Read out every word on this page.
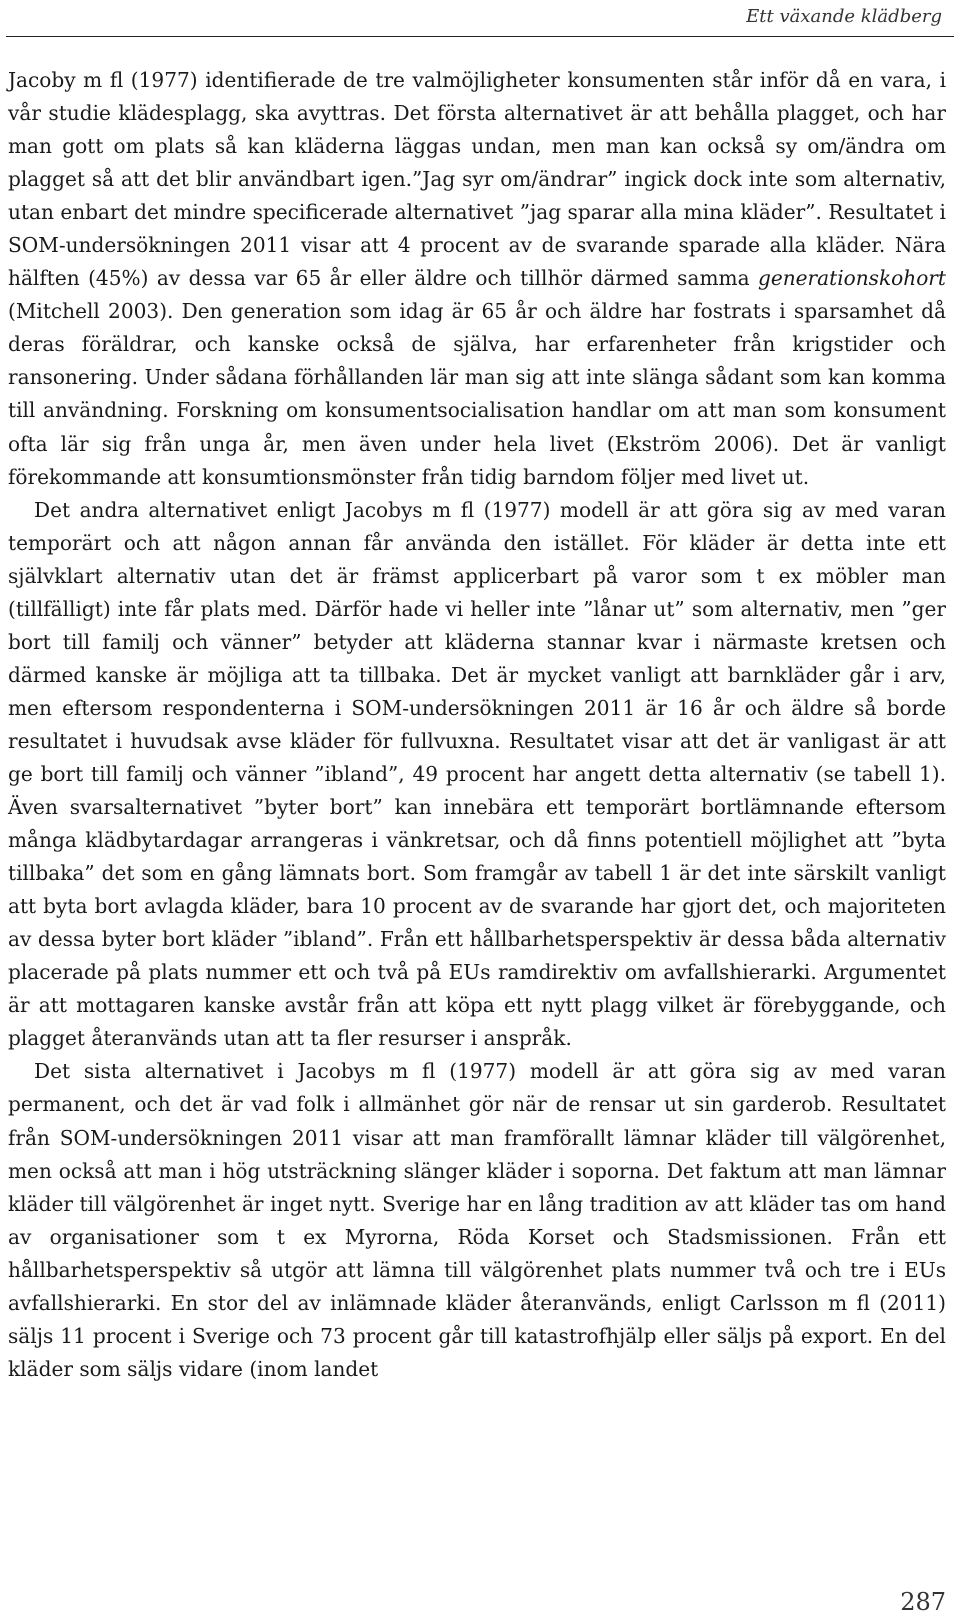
Ett växande klädberg

Jacoby m fl (1977) identifierade de tre valmöjligheter konsumenten står inför då en vara, i vår studie klädesplagg, ska avyttras. Det första alternativet är att behålla plagget, och har man gott om plats så kan kläderna läggas undan, men man kan också sy om/ändra om plagget så att det blir användbart igen.”Jag syr om/ändrar” ingick dock inte som alternativ, utan enbart det mindre specificerade alternativet ”jag sparar alla mina kläder”. Resultatet i SOM-undersökningen 2011 visar att 4 procent av de svarande sparade alla kläder. Nära hälften (45%) av dessa var 65 år eller äldre och tillhör därmed samma generationskohort (Mitchell 2003). Den generation som idag är 65 år och äldre har fostrats i sparsamhet då deras föräldrar, och kanske också de själva, har erfarenheter från krigstider och ransonering. Under sådana förhållanden lär man sig att inte slänga sådant som kan komma till användning. Forskning om konsumentsocialisation handlar om att man som konsument ofta lär sig från unga år, men även under hela livet (Ekström 2006). Det är vanligt förekommande att konsumtionsmönster från tidig barndom följer med livet ut.

Det andra alternativet enligt Jacobys m fl (1977) modell är att göra sig av med varan temporärt och att någon annan får använda den istället. För kläder är detta inte ett självklart alternativ utan det är främst applicerbart på varor som t ex möbler man (tillfälligt) inte får plats med. Därför hade vi heller inte ”lånar ut” som alternativ, men ”ger bort till familj och vänner” betyder att kläderna stannar kvar i närmaste kretsen och därmed kanske är möjliga att ta tillbaka. Det är mycket vanligt att barnkläder går i arv, men eftersom respondenterna i SOM-undersökningen 2011 är 16 år och äldre så borde resultatet i huvudsak avse kläder för fullvuxna. Resultatet visar att det är vanligast är att ge bort till familj och vänner ”ibland”, 49 procent har angett detta alternativ (se tabell 1). Även svarsalternativet ”byter bort” kan innebära ett temporärt bortlämnande eftersom många klädbytardagar arrangeras i vänkretsar, och då finns potentiell möjlighet att ”byta tillbaka” det som en gång lämnats bort. Som framgår av tabell 1 är det inte särskilt vanligt att byta bort avlagda kläder, bara 10 procent av de svarande har gjort det, och majoriteten av dessa byter bort kläder ”ibland”. Från ett hållbarhetsperspektiv är dessa båda alternativ placerade på plats nummer ett och två på EUs ramdirektiv om avfallshierarki. Argumentet är att mottagaren kanske avstår från att köpa ett nytt plagg vilket är förebyggande, och plagget återanvänds utan att ta fler resurser i anspråk.

Det sista alternativet i Jacobys m fl (1977) modell är att göra sig av med varan permanent, och det är vad folk i allmänhet gör när de rensar ut sin garderob. Resultatet från SOM-undersökningen 2011 visar att man framförallt lämnar kläder till välgörenhet, men också att man i hög utsträckning slänger kläder i soporna. Det faktum att man lämnar kläder till välgörenhet är inget nytt. Sverige har en lång tradition av att kläder tas om hand av organisationer som t ex Myrorna, Röda Korset och Stadsmissionen. Från ett hållbarhetsperspektiv så utgör att lämna till välgörenhet plats nummer två och tre i EUs avfallshierarki. En stor del av inlämnade kläder återanvänds, enligt Carlsson m fl (2011) säljs 11 procent i Sverige och 73 procent går till katastrofhjälp eller säljs på export. En del kläder som säljs vidare (inom landet

287
